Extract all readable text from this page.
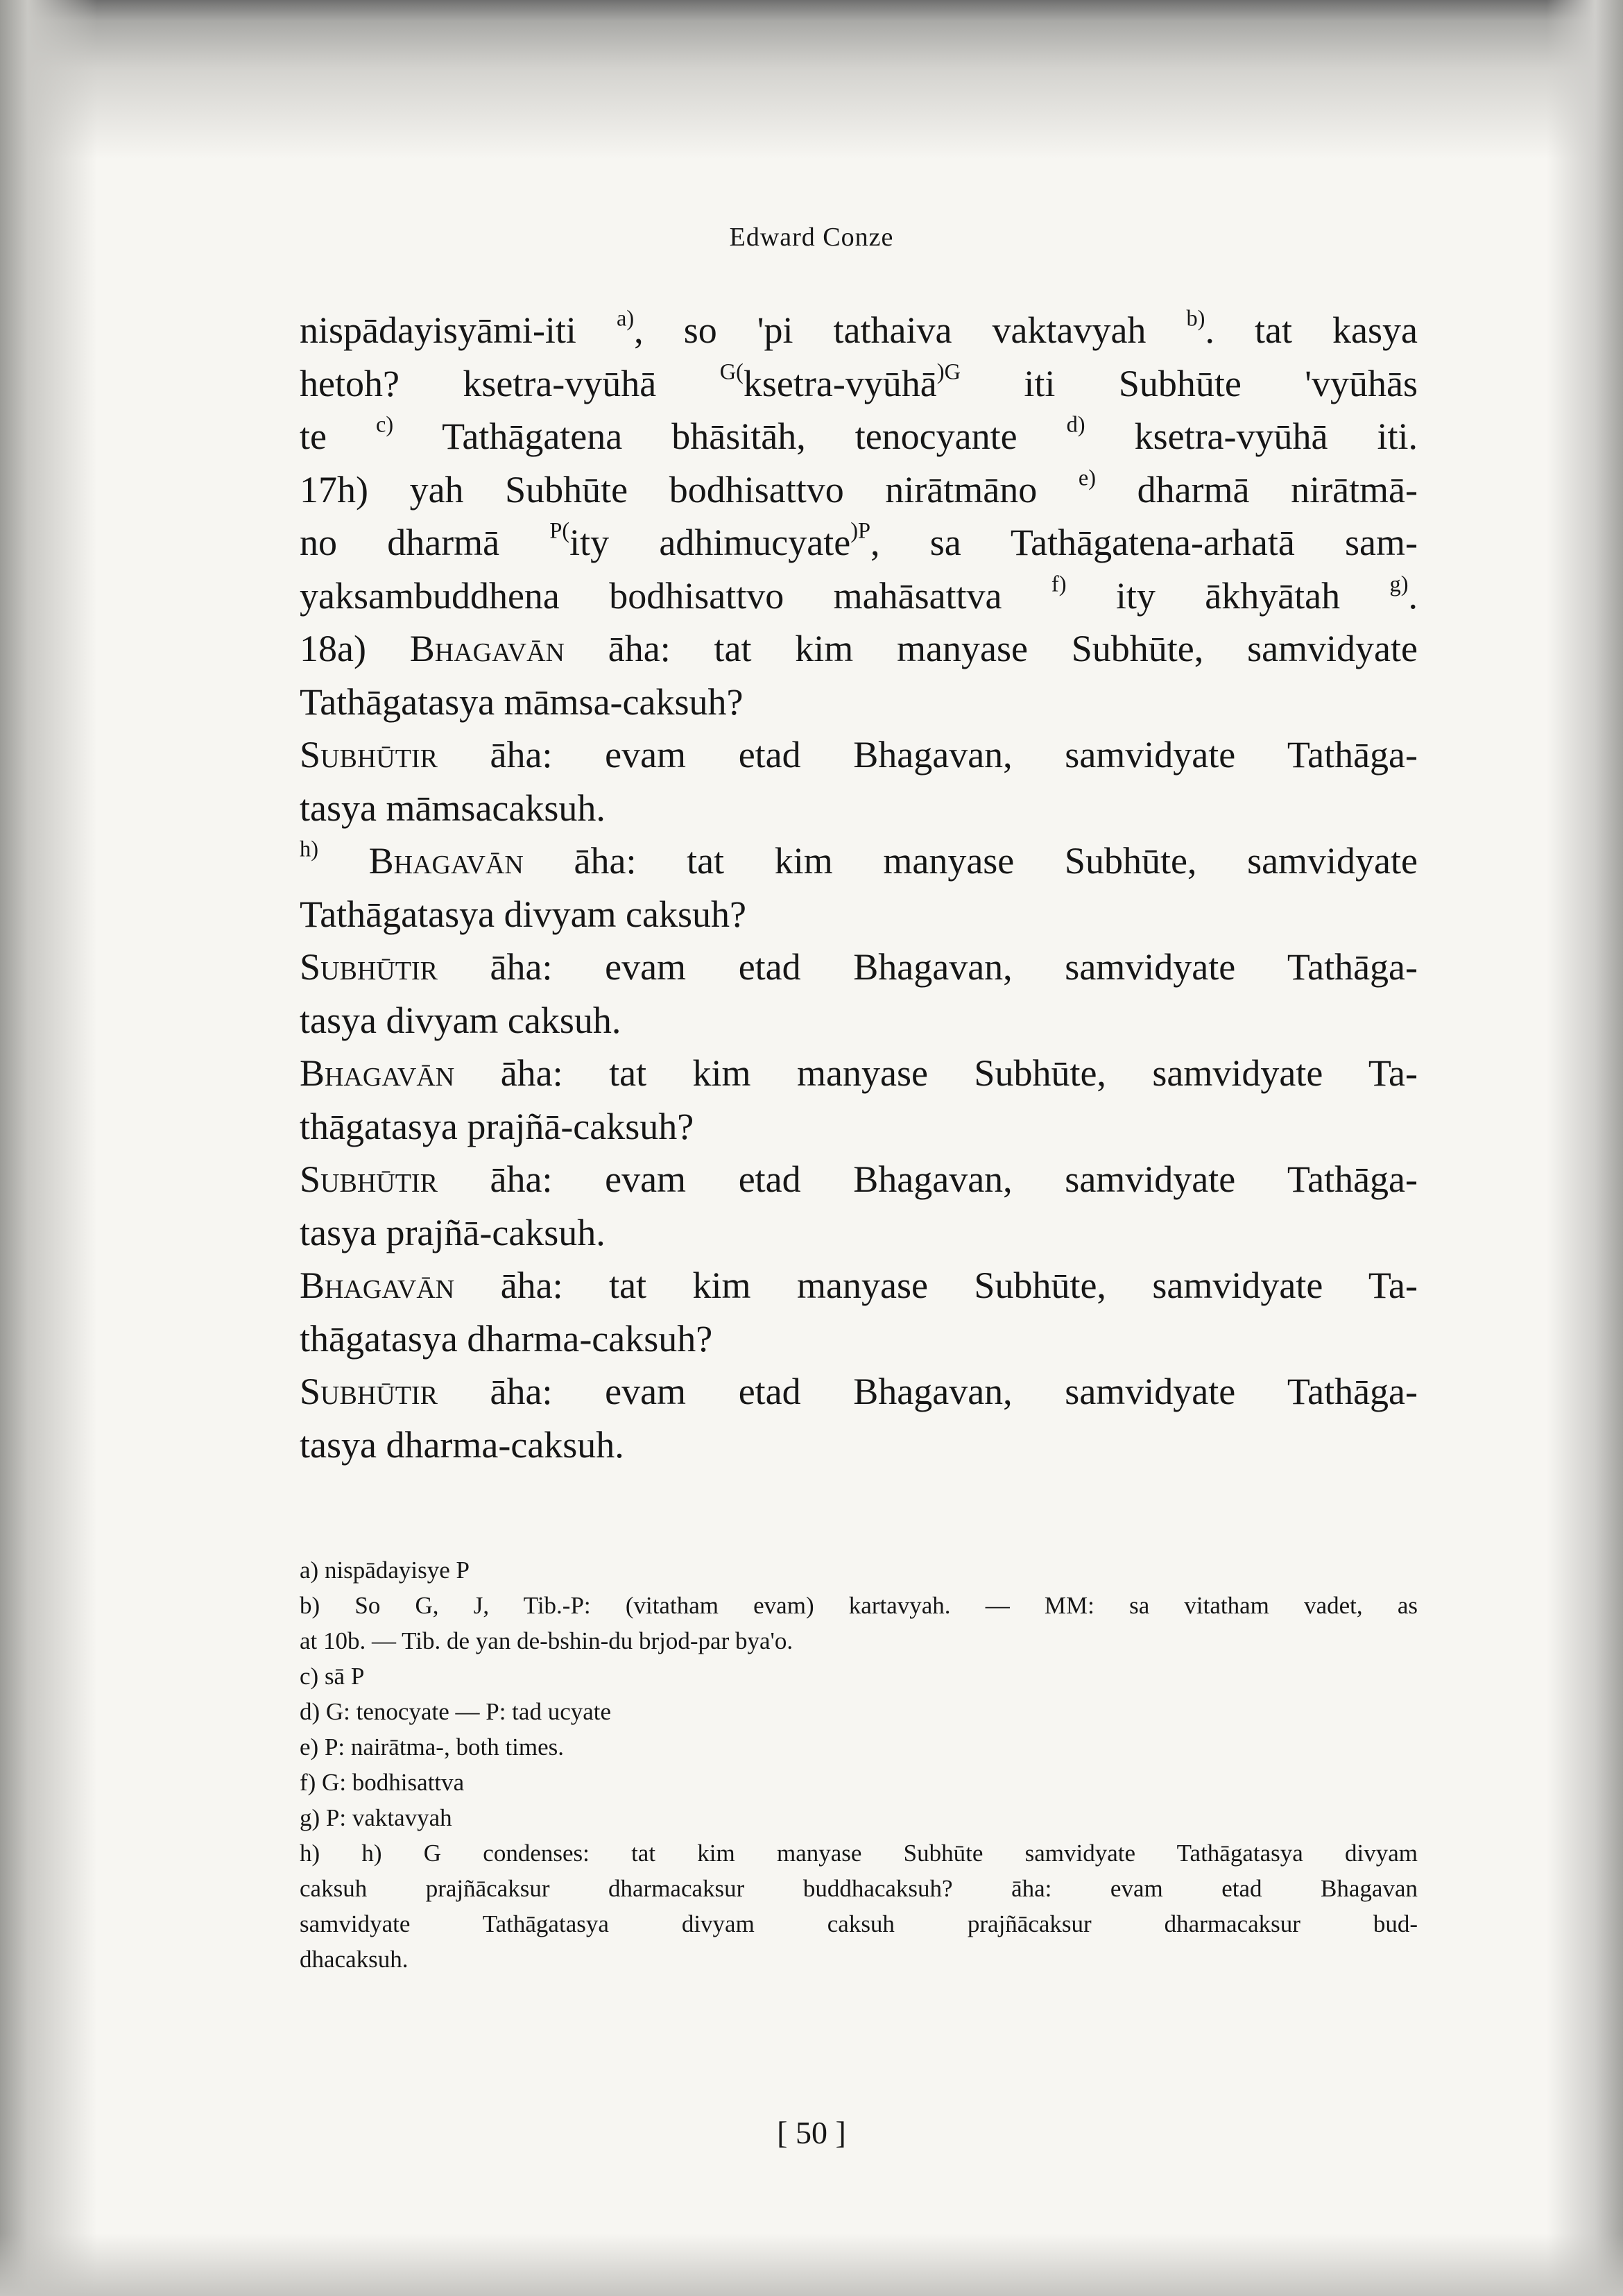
Edward Conze
nispādayisyāmi-iti $^{a)}$, so 'pi tathaiva vaktavyah $^{b)}$. tat kasya
hetoh? ksetra-vyūhā $^{G(}$ksetra-vyūhā$^{)G}$ iti Subhūte 'vyūhās
te $^{c)}$ Tathāgatena bhāsitāh, tenocyante $^{d)}$ ksetra-vyūhā iti.
17h) yah Subhūte bodhisattvo nirātmāno $^{e)}$ dharmā nirātmā-
no dharmā $^{P(}$ity adhimucyate$^{)P}$, sa Tathāgatena-arhatā sam-
yaksambuddhena bodhisattvo mahāsattva $^{f)}$ ity ākhyātah $^{g)}$.
18a) Bhagavān āha: tat kim manyase Subhūte, samvidyate
Tathāgatasya māmsa-caksuh?
Subhūtir āha: evam etad Bhagavan, samvidyate Tathāga-
tasya māmsacaksuh.
$^{h)}$ Bhagavān āha: tat kim manyase Subhūte, samvidyate
Tathāgatasya divyam caksuh?
Subhūtir āha: evam etad Bhagavan, samvidyate Tathāga-
tasya divyam caksuh.
Bhagavān āha: tat kim manyase Subhūte, samvidyate Ta-
thāgatasya prajñā-caksuh?
Subhūtir āha: evam etad Bhagavan, samvidyate Tathāga-
tasya prajñā-caksuh.
Bhagavān āha: tat kim manyase Subhūte, samvidyate Ta-
thāgatasya dharma-caksuh?
Subhūtir āha: evam etad Bhagavan, samvidyate Tathāga-
tasya dharma-caksuh.
a) nispādayisye P
b) So G, J, Tib.-P: (vitatham evam) kartavyah. — MM: sa vitatham vadet, as
at 10b. — Tib. de yan de-bshin-du brjod-par bya'o.
c) sā P
d) G: tenocyate — P: tad ucyate
e) P: nairātma-, both times.
f) G: bodhisattva
g) P: vaktavyah
h) h) G condenses: tat kim manyase Subhūte samvidyate Tathāgatasya divyam
caksuh prajñācaksur dharmacaksur buddhacaksuh? āha: evam etad Bhagavan
samvidyate Tathāgatasya divyam caksuh prajñācaksur dharmacaksur bud-
dhacaksuh.
[ 50 ]
